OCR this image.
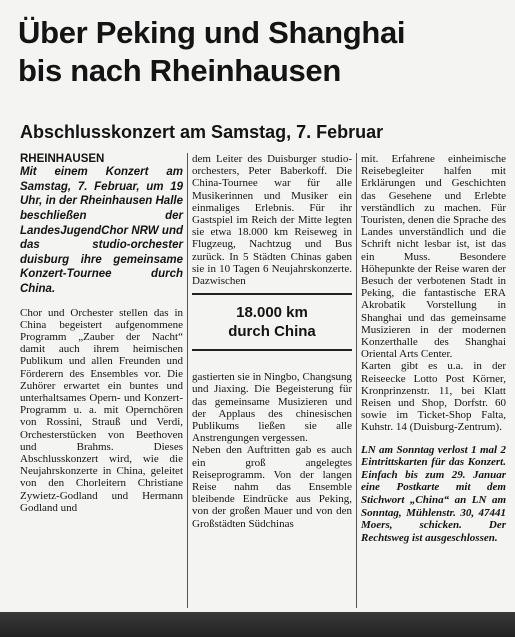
Über Peking und Shanghai
bis nach Rheinhausen
Abschlusskonzert am Samstag, 7. Februar
RHEINHAUSEN

Mit einem Konzert am Samstag, 7. Februar, um 19 Uhr, in der Rheinhausen Halle beschließen der LandesJugendChor NRW und das studio-orchester duisburg ihre gemeinsame Konzert-Tournee durch China.

Chor und Orchester stellen das in China begeistert aufgenommene Programm „Zauber der Nacht“ damit auch ihrem heimischen Publikum und allen Freunden und Förderern des Ensembles vor. Die Zuhörer erwartet ein buntes und unterhaltsames Opern- und Konzert-Programm u. a. mit Opernchören von Rossini, Strauß und Verdi, Orchesterstücken von Beethoven und Brahms. Dieses Abschlusskonzert wird, wie die Neujahrskonzerte in China, geleitet von den Chorleitern Christiane Zywietz-Godland und Hermann Godland und

dem Leiter des Duisburger studio-orchesters, Peter Baberkoff. Die China-Tournee war für alle Musikerinnen und Musiker ein einmaliges Erlebnis. Für ihr Gastspiel im Reich der Mitte legten sie etwa 18.000 km Reiseweg in Flugzeug, Nachtzug und Bus zurück. In 5 Städten Chinas gaben sie in 10 Tagen 6 Neujahrskonzerte. Dazwischen

18.000 km
durch China

gastierten sie in Ningbo, Changsung und Jiaxing. Die Begeisterung für das gemeinsame Musizieren und der Applaus des chinesischen Publikums ließen sie alle Anstrengungen vergessen.

Neben den Auftritten gab es auch ein groß angelegtes Reiseprogramm. Von der langen Reise nahm das Ensemble bleibende Eindrücke aus Peking, von der großen Mauer und von den Großstädten Südchinas

mit. Erfahrene einheimische Reisebegleiter halfen mit Erklärungen und Geschichten das Gesehene und Erlebte verständlich zu machen. Für Touristen, denen die Sprache des Landes unverständlich und die Schrift nicht lesbar ist, ist das ein Muss. Besondere Höhepunkte der Reise waren der Besuch der verbotenen Stadt in Peking, die fantastische ERA Akrobatik Vorstellung in Shanghai und das gemeinsame Musizieren in der modernen Konzerthalle des Shanghai Oriental Arts Center.

Karten gibt es u.a. in der Reiseecke Lotto Post Körner, Kronprinzenstr. 11, bei Klatt Reisen und Shop, Dorfstr. 60 sowie im Ticket-Shop Falta, Kuhstr. 14 (Duisburg-Zentrum).

LN am Sonntag verlost 1 mal 2 Eintrittskarten für das Konzert. Einfach bis zum 29. Januar eine Postkarte mit dem Stichwort „China“ an LN am Sonntag, Mühlenstr. 30, 47441 Moers, schicken. Der Rechtsweg ist ausgeschlossen.
